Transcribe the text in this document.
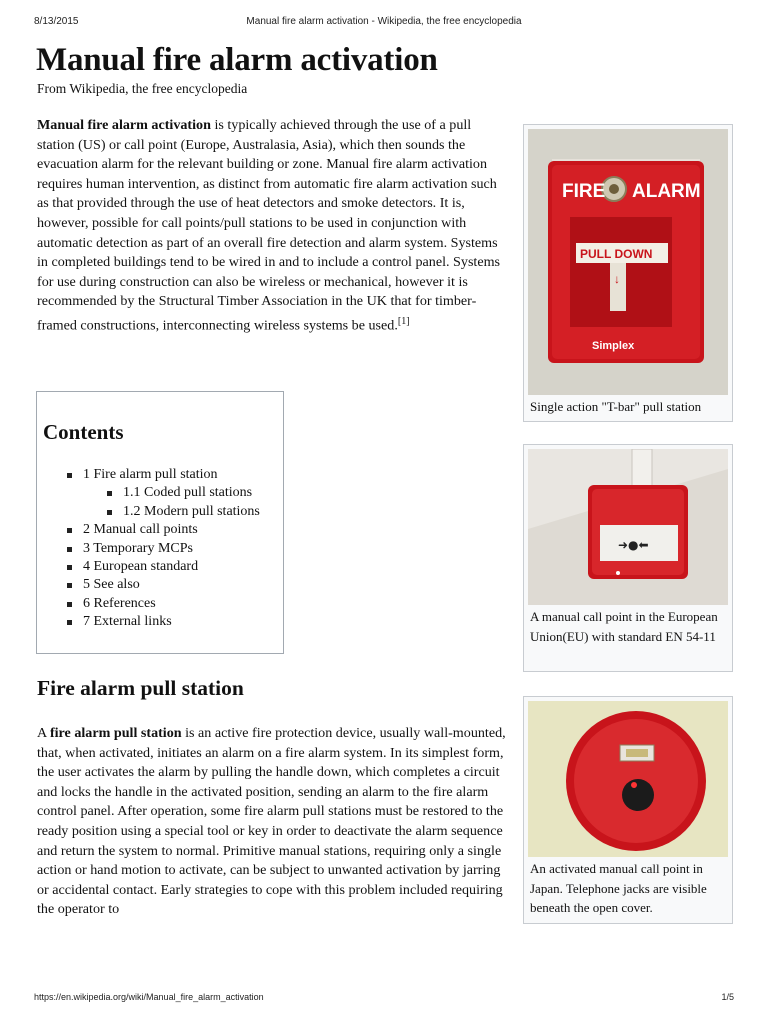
8/13/2015	Manual fire alarm activation - Wikipedia, the free encyclopedia
Manual fire alarm activation
From Wikipedia, the free encyclopedia
Manual fire alarm activation is typically achieved through the use of a pull station (US) or call point (Europe, Australasia, Asia), which then sounds the evacuation alarm for the relevant building or zone. Manual fire alarm activation requires human intervention, as distinct from automatic fire alarm activation such as that provided through the use of heat detectors and smoke detectors. It is, however, possible for call points/pull stations to be used in conjunction with automatic detection as part of an overall fire detection and alarm system. Systems in completed buildings tend to be wired in and to include a control panel. Systems for use during construction can also be wireless or mechanical, however it is recommended by the Structural Timber Association in the UK that for timber-framed constructions, interconnecting wireless systems be used.[1]
Contents
1 Fire alarm pull station
1.1 Coded pull stations
1.2 Modern pull stations
2 Manual call points
3 Temporary MCPs
4 European standard
5 See also
6 References
7 External links
Fire alarm pull station
A fire alarm pull station is an active fire protection device, usually wall-mounted, that, when activated, initiates an alarm on a fire alarm system. In its simplest form, the user activates the alarm by pulling the handle down, which completes a circuit and locks the handle in the activated position, sending an alarm to the fire alarm control panel. After operation, some fire alarm pull stations must be restored to the ready position using a special tool or key in order to deactivate the alarm sequence and return the system to normal. Primitive manual stations, requiring only a single action or hand motion to activate, can be subject to unwanted activation by jarring or accidental contact. Early strategies to cope with this problem included requiring the operator to
FIRE ALARM
PULL DOWN
↓
Simplex
Single action "T-bar" pull station
➜●⬅
A manual call point in the European Union(EU) with standard EN 54-11
An activated manual call point in Japan. Telephone jacks are visible beneath the open cover.
https://en.wikipedia.org/wiki/Manual_fire_alarm_activation	1/5
